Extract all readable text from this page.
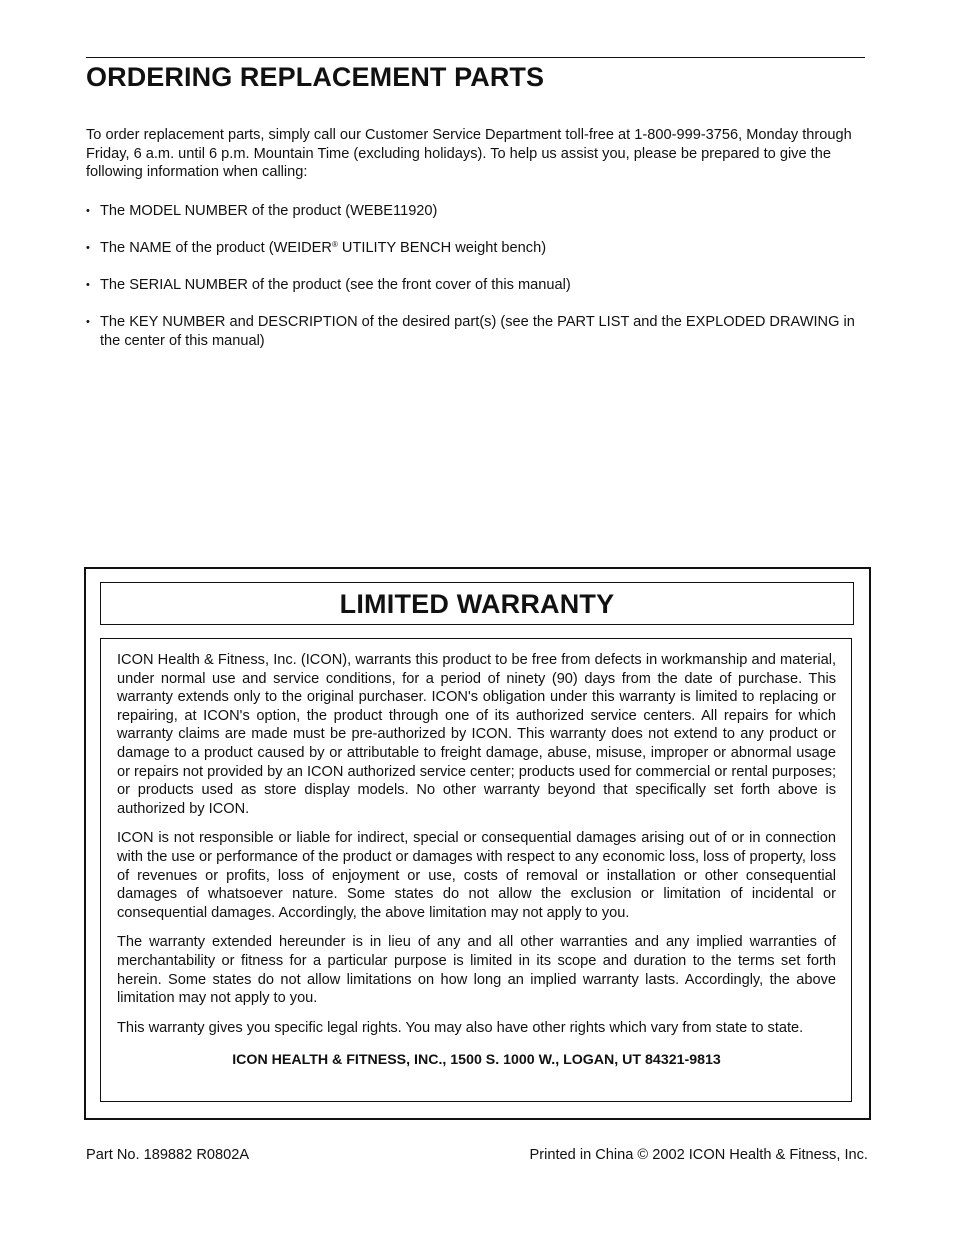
ORDERING REPLACEMENT PARTS

To order replacement parts, simply call our Customer Service Department toll-free at 1-800-999-3756, Monday through Friday, 6 a.m. until 6 p.m. Mountain Time (excluding holidays). To help us assist you, please be prepared to give the following information when calling:

• The MODEL NUMBER of the product (WEBE11920)
• The NAME of the product (WEIDER® UTILITY BENCH weight bench)
• The SERIAL NUMBER of the product (see the front cover of this manual)
• The KEY NUMBER and DESCRIPTION of the desired part(s) (see the PART LIST and the EXPLODED DRAWING in the center of this manual)
LIMITED WARRANTY

ICON Health & Fitness, Inc. (ICON), warrants this product to be free from defects in workmanship and material, under normal use and service conditions, for a period of ninety (90) days from the date of purchase. This warranty extends only to the original purchaser. ICON's obligation under this warranty is limited to replacing or repairing, at ICON's option, the product through one of its authorized service centers. All repairs for which warranty claims are made must be pre-authorized by ICON. This warranty does not extend to any product or damage to a product caused by or attributable to freight damage, abuse, misuse, improper or abnormal usage or repairs not provided by an ICON authorized service center; products used for commercial or rental purposes; or products used as store display models. No other warranty beyond that specifically set forth above is authorized by ICON.

ICON is not responsible or liable for indirect, special or consequential damages arising out of or in connection with the use or performance of the product or damages with respect to any economic loss, loss of property, loss of revenues or profits, loss of enjoyment or use, costs of removal or installation or other consequential damages of whatsoever nature. Some states do not allow the exclusion or limitation of incidental or consequential damages. Accordingly, the above limitation may not apply to you.

The warranty extended hereunder is in lieu of any and all other warranties and any implied warranties of merchantability or fitness for a particular purpose is limited in its scope and duration to the terms set forth herein. Some states do not allow limitations on how long an implied warranty lasts. Accordingly, the above limitation may not apply to you.

This warranty gives you specific legal rights. You may also have other rights which vary from state to state.

ICON HEALTH & FITNESS, INC., 1500 S. 1000 W., LOGAN, UT 84321-9813

Part No. 189882 R0802A	Printed in China © 2002 ICON Health & Fitness, Inc.
